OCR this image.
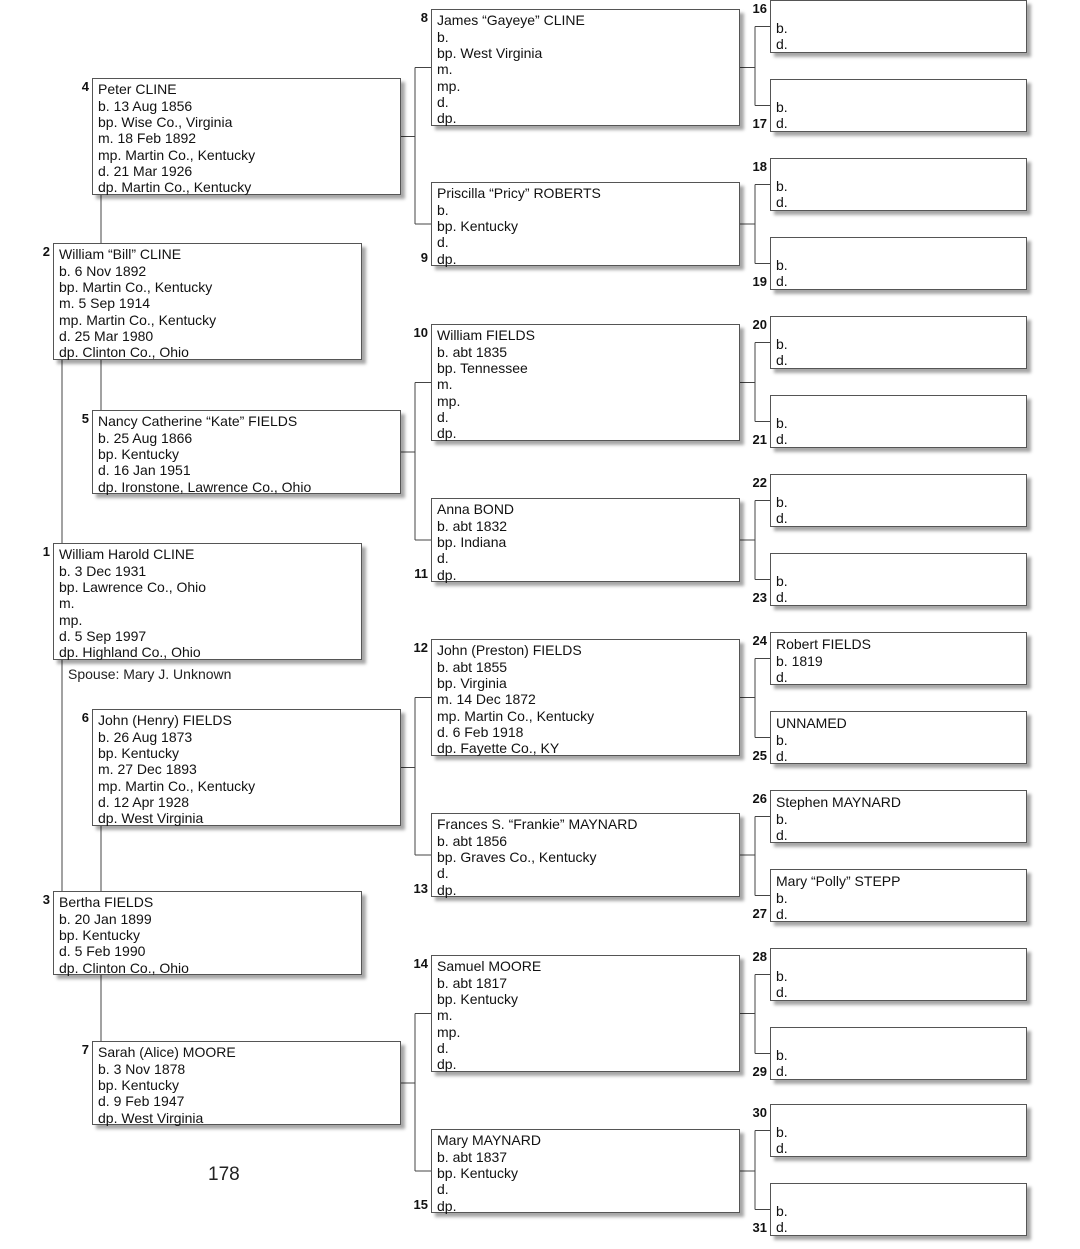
William Harold CLINE
b. 3 Dec 1931
bp. Lawrence Co., Ohio
m.
mp.
d. 5 Sep 1997
dp. Highland Co., Ohio
1
William “Bill” CLINE
b. 6 Nov 1892
bp. Martin Co., Kentucky
m. 5 Sep 1914
mp. Martin Co., Kentucky
d. 25 Mar 1980
dp. Clinton Co., Ohio
2
Bertha FIELDS
b. 20 Jan 1899
bp. Kentucky
d. 5 Feb 1990
dp. Clinton Co., Ohio
3
Peter CLINE
b. 13 Aug 1856
bp. Wise Co., Virginia
m. 18 Feb 1892
mp. Martin Co., Kentucky
d. 21 Mar 1926
dp. Martin Co., Kentucky
4
Nancy Catherine “Kate” FIELDS
b. 25 Aug 1866
bp. Kentucky
d. 16 Jan 1951
dp. Ironstone, Lawrence Co., Ohio
5
John (Henry) FIELDS
b. 26 Aug 1873
bp. Kentucky
m. 27 Dec 1893
mp. Martin Co., Kentucky
d. 12 Apr 1928
dp. West Virginia
6
Sarah (Alice) MOORE
b. 3 Nov 1878
bp. Kentucky
d. 9 Feb 1947
dp. West Virginia
7
James “Gayeye” CLINE
b.
bp. West Virginia
m.
mp.
d.
dp.
8
Priscilla “Pricy” ROBERTS
b.
bp. Kentucky
d.
dp.
9
William FIELDS
b. abt 1835
bp. Tennessee
m.
mp.
d.
dp.
10
Anna BOND
b. abt 1832
bp. Indiana
d.
dp.
11
John (Preston) FIELDS
b. abt 1855
bp. Virginia
m. 14 Dec 1872
mp. Martin Co., Kentucky
d. 6 Feb 1918
dp. Fayette Co., KY
12
Frances S. “Frankie” MAYNARD
b. abt 1856
bp. Graves Co., Kentucky
d.
dp.
13
Samuel MOORE
b. abt 1817
bp. Kentucky
m.
mp.
d.
dp.
14
Mary MAYNARD
b. abt 1837
bp. Kentucky
d.
dp.
15
b.
d.
16
b.
d.
17
b.
d.
18
b.
d.
19
b.
d.
20
b.
d.
21
b.
d.
22
b.
d.
23
Robert FIELDS
b. 1819
d.
24
UNNAMED
b.
d.
25
Stephen MAYNARD
b.
d.
26
Mary “Polly” STEPP
b.
d.
27
b.
d.
28
b.
d.
29
b.
d.
30
b.
d.
31
Spouse: Mary J. Unknown
178
